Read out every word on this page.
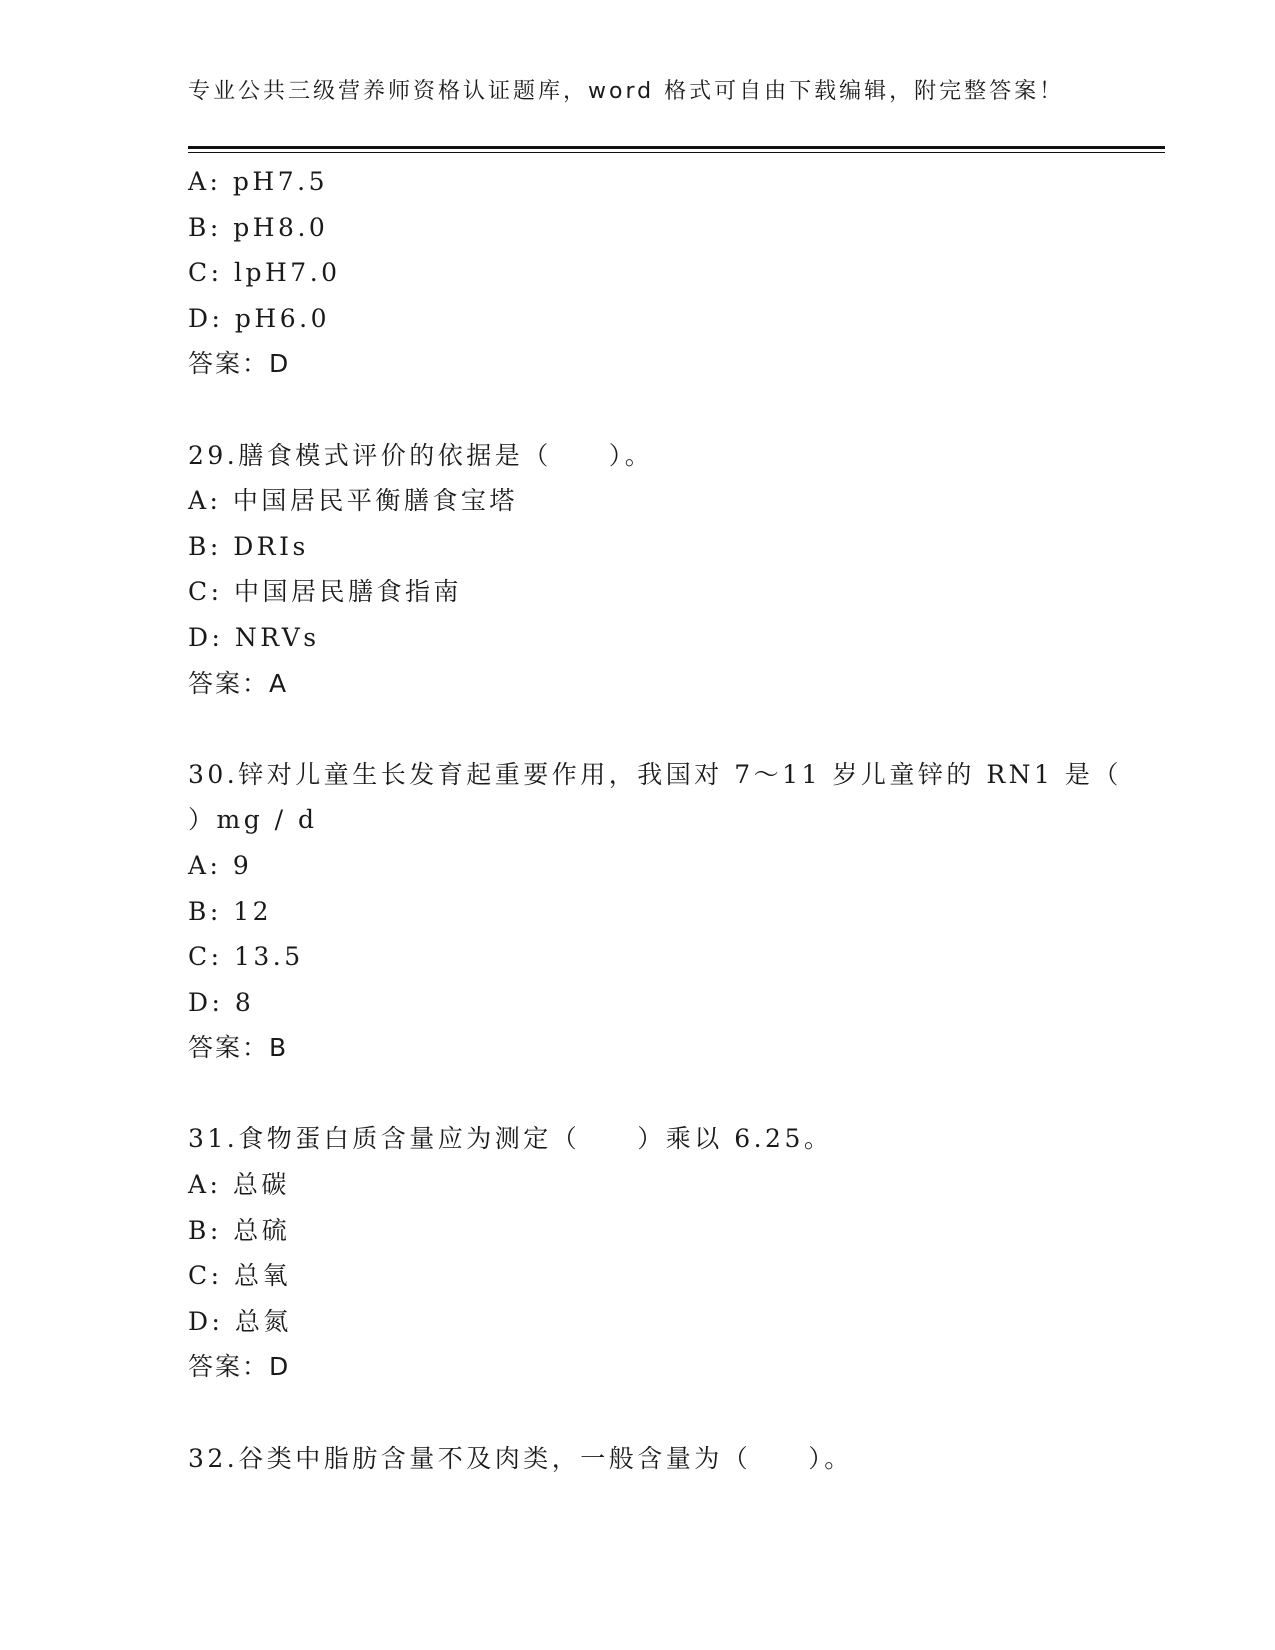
专业公共三级营养师资格认证题库，word 格式可自由下载编辑，附完整答案！
A: pH7.5
B: pH8.0
C: lpH7.0
D: pH6.0
答案：D
29.膳食模式评价的依据是（　　）。
A: 中国居民平衡膳食宝塔
B: DRIs
C: 中国居民膳食指南
D: NRVs
答案：A
30.锌对儿童生长发育起重要作用，我国对 7～11 岁儿童锌的 RN1 是（
）mg / d
A: 9
B: 12
C: 13.5
D: 8
答案：B
31.食物蛋白质含量应为测定（　　）乘以 6.25。
A: 总碳
B: 总硫
C: 总氧
D: 总氮
答案：D
32.谷类中脂肪含量不及肉类，一般含量为（　　）。
